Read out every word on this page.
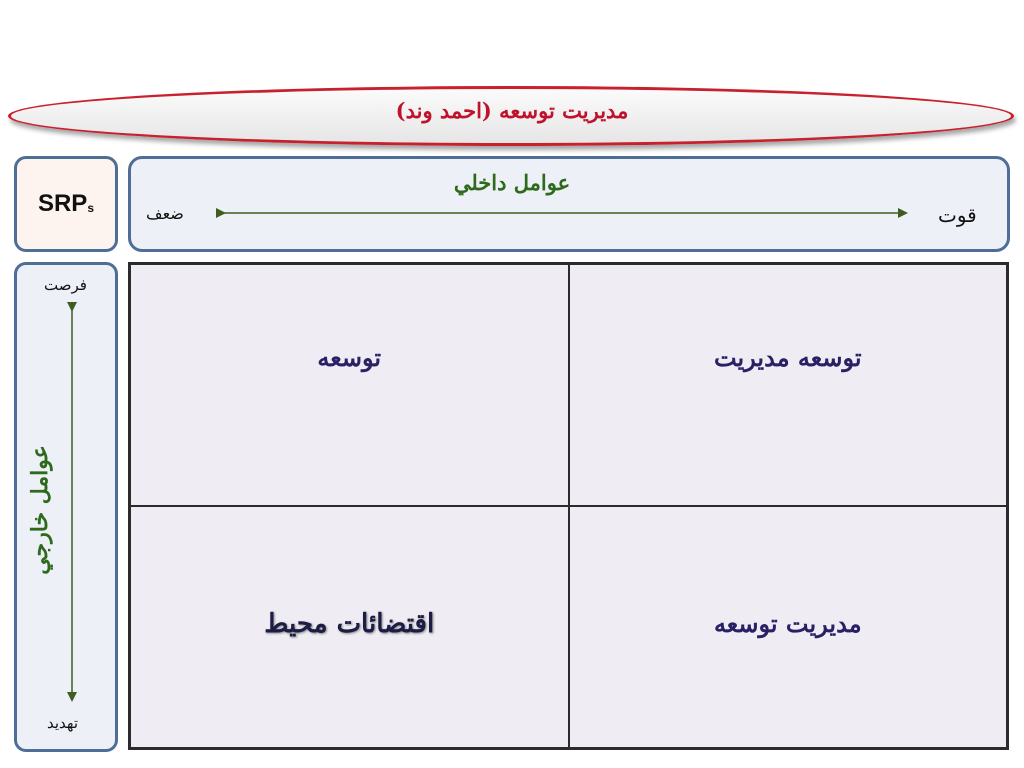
مديريت توسعه (احمد وند)
SRP s
عوامل داخلي
قوت
ضعف
فرصت
تهديد
عوامل خارجي
توسعه	توسعه مديريت
اقتضائات محيط	مديريت توسعه
